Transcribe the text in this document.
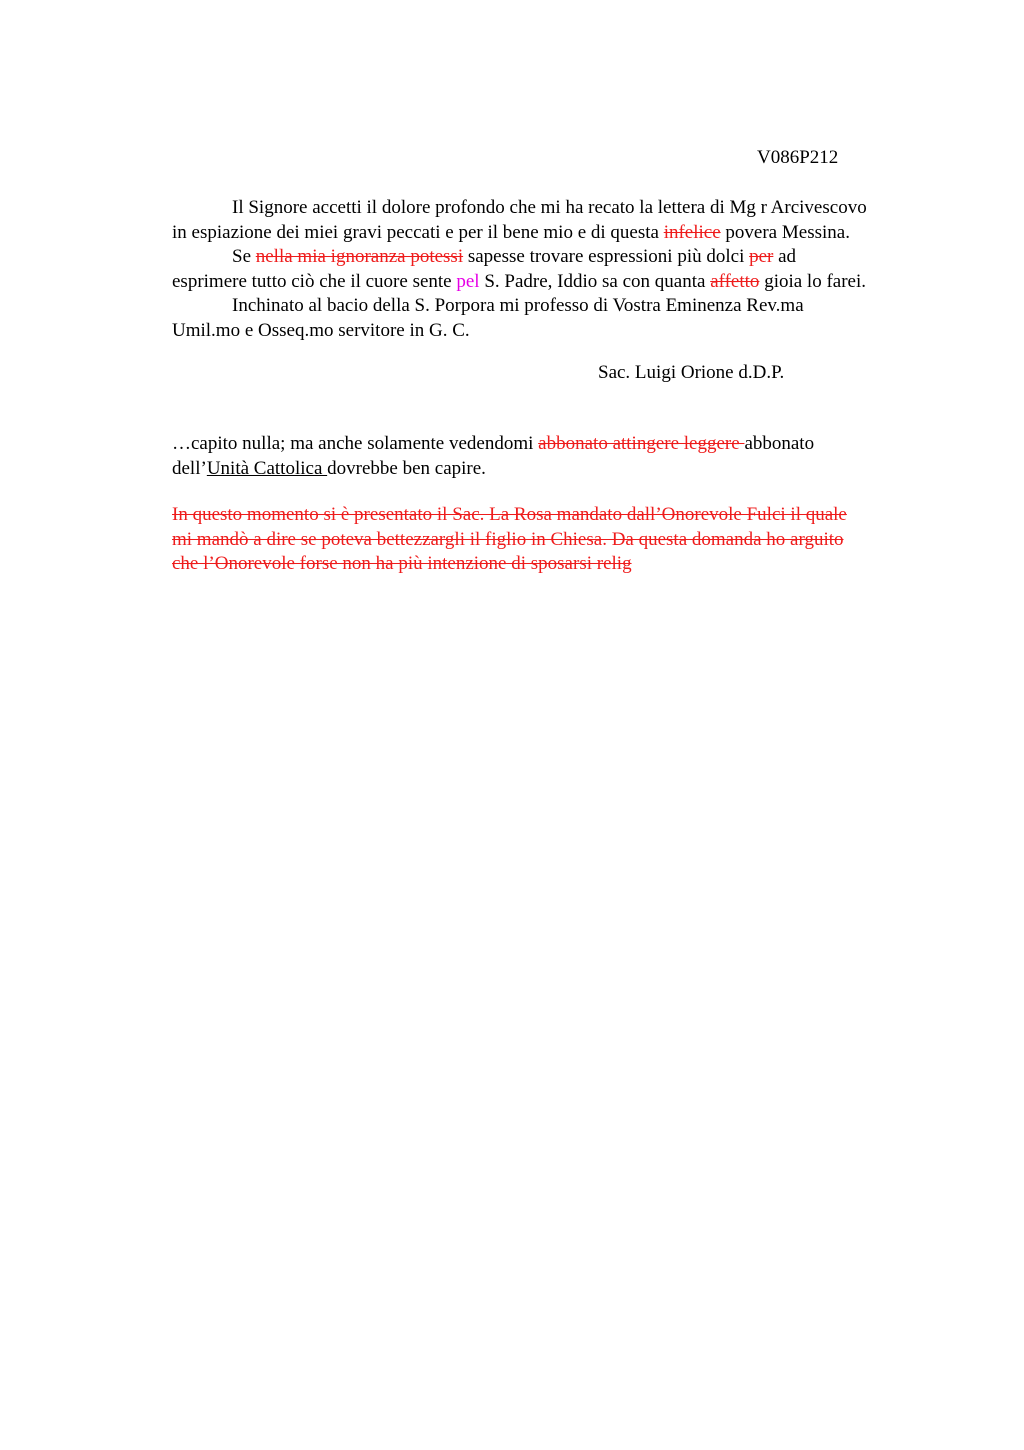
V086P212
Il Signore accetti il dolore profondo che mi ha recato la lettera di Mg r Arcivescovo
in espiazione dei miei gravi peccati e per il bene mio e di questa infelice povera Messina.
Se nella mia ignoranza potessi sapesse trovare espressioni più dolci per ad
esprimere tutto ciò che il cuore sente pel S. Padre, Iddio sa con quanta affetto gioia lo farei.
Inchinato al bacio della S. Porpora mi professo di Vostra Eminenza Rev.ma
Umil.mo e Osseq.mo servitore in G. C.
Sac. Luigi Orione d.D.P.
…capito nulla; ma anche solamente vedendomi abbonato attingere leggere abbonato
dell’Unità Cattolica dovrebbe ben capire.
In questo momento si è presentato il Sac. La Rosa mandato dall’Onorevole Fulci il quale
mi mandò a dire se poteva bettezzargli il figlio in Chiesa. Da questa domanda ho arguito
che l’Onorevole forse non ha più intenzione di sposarsi relig
